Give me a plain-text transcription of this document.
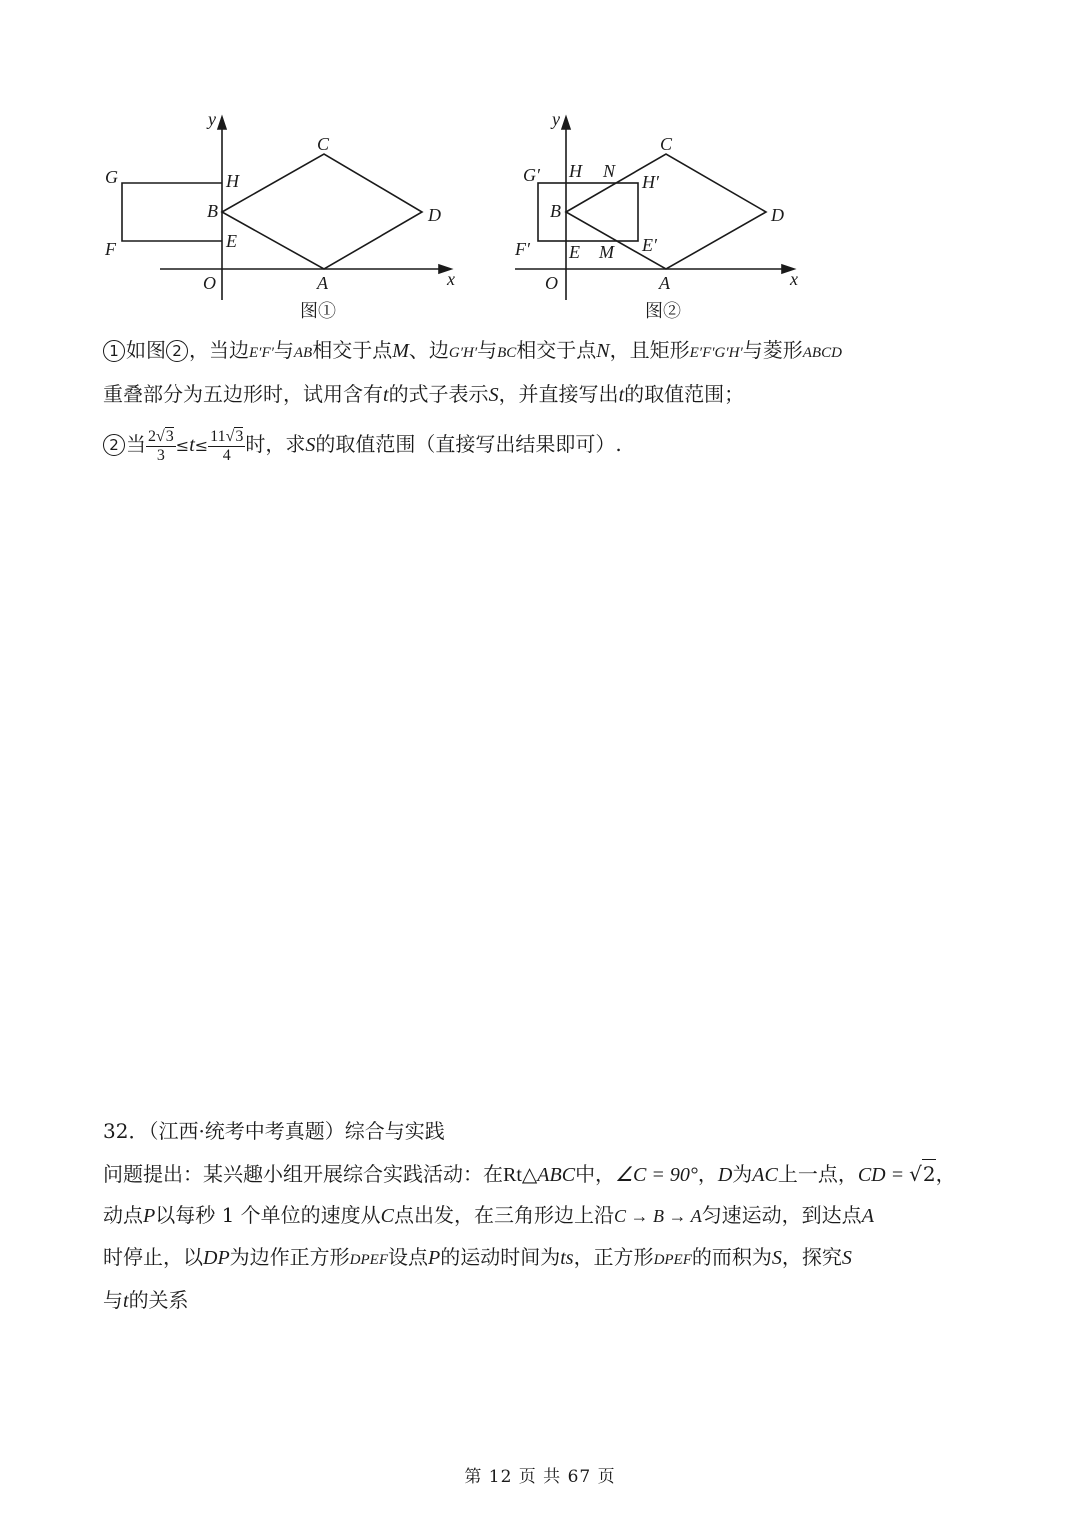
y
x
O	A
B
C
D
E
F
G	H
图①
y
x
O	A
B
C
D
H N
G′	H′
F′ E M E′
图②
1 如图 2 ，当边E′F′与AB相交于点M、边G′H′与BC相交于点N，且矩形E′F′G′H′与菱形ABCD
重叠部分为五边形时，试用含有t的式子表示S，并直接写出t的取值范围；
2 当 $\frac{2√3}{3} \le t\le \frac{11√3}{4}$ 时，求S的取值范围（直接写出结果即可）.
32．（江西·统考中考真题）综合与实践
问题提出：某兴趣小组开展综合实践活动：在Rt△ABC中，∠C = 90°，D为AC上一点，CD = √2，
动点P以每秒 1 个单位的速度从C点出发，在三角形边上沿C → B → A匀速运动，到达点A
时停止，以DP为边作正方形DPEF设点P的运动时间为ts，正方形DPEF的而积为S，探究S
与t的关系
第 12 页 共 67 页
